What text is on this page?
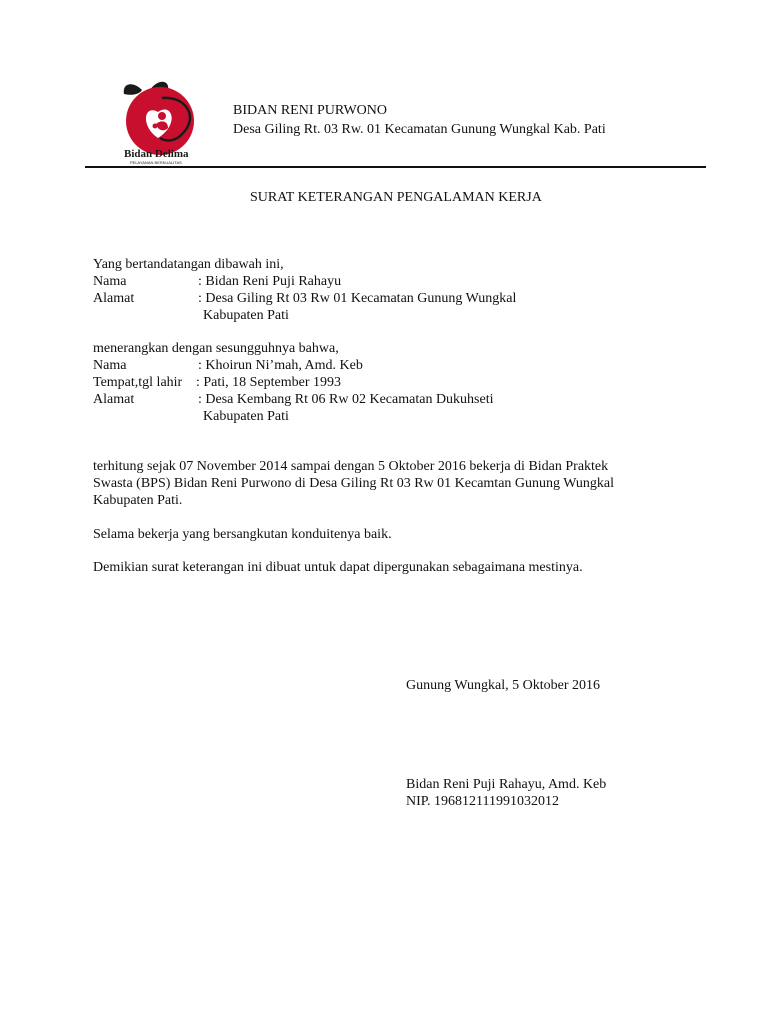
Bidan Delima
PELAYANAN BERKUALITAS
BIDAN RENI PURWONO
Desa Giling Rt. 03 Rw. 01 Kecamatan Gunung Wungkal Kab. Pati
SURAT KETERANGAN PENGALAMAN KERJA
Yang bertandatangan dibawah ini,
Nama	: Bidan Reni Puji Rahayu
Alamat	: Desa Giling Rt 03 Rw 01 Kecamatan Gunung Wungkal
Kabupaten Pati
menerangkan dengan sesungguhnya bahwa,
Nama	: Khoirun Ni’mah, Amd. Keb
Tempat,tgl lahir : Pati, 18 September 1993
Alamat	: Desa Kembang Rt 06 Rw 02 Kecamatan Dukuhseti
Kabupaten Pati
terhitung sejak 07 November 2014 sampai dengan 5 Oktober 2016 bekerja di Bidan Praktek
Swasta (BPS) Bidan Reni Purwono di Desa Giling Rt 03 Rw 01 Kecamtan Gunung Wungkal
Kabupaten Pati.
Selama bekerja yang bersangkutan konduitenya baik.
Demikian surat keterangan ini dibuat untuk dapat dipergunakan sebagaimana mestinya.
Gunung Wungkal, 5 Oktober 2016
Bidan Reni Puji Rahayu, Amd. Keb
NIP. 196812111991032012
